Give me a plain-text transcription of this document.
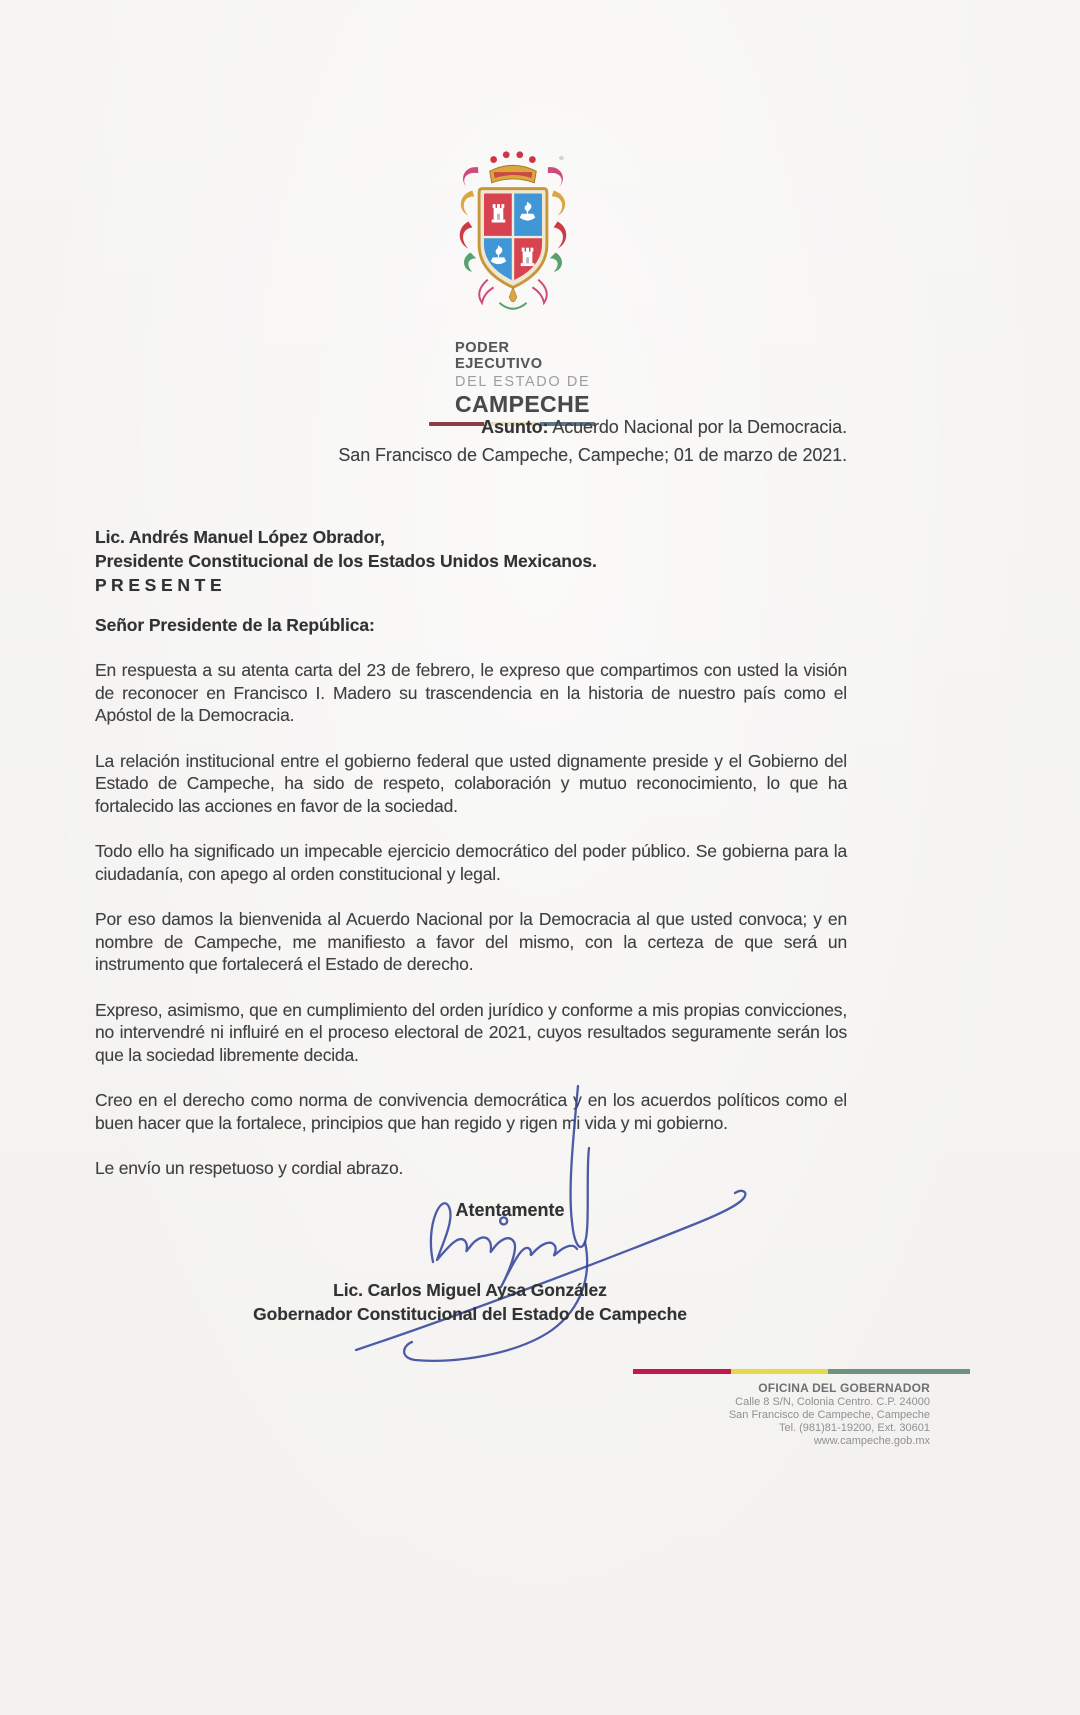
PODER EJECUTIVO
DEL ESTADO DE
CAMPECHE
Asunto: Acuerdo Nacional por la Democracia.
San Francisco de Campeche, Campeche; 01 de marzo de 2021.
Lic. Andrés Manuel López Obrador,
Presidente Constitucional de los Estados Unidos Mexicanos.
P R E S E N T E
Señor Presidente de la República:

En respuesta a su atenta carta del 23 de febrero, le expreso que compartimos con usted la visión de reconocer en Francisco I. Madero su trascendencia en la historia de nuestro país como el Apóstol de la Democracia.

La relación institucional entre el gobierno federal que usted dignamente preside y el Gobierno del Estado de Campeche, ha sido de respeto, colaboración y mutuo reconocimiento, lo que ha fortalecido las acciones en favor de la sociedad.

Todo ello ha significado un impecable ejercicio democrático del poder público. Se gobierna para la ciudadanía, con apego al orden constitucional y legal.

Por eso damos la bienvenida al Acuerdo Nacional por la Democracia al que usted convoca; y en nombre de Campeche, me manifiesto a favor del mismo, con la certeza de que será un instrumento que fortalecerá el Estado de derecho.

Expreso, asimismo, que en cumplimiento del orden jurídico y conforme a mis propias convicciones, no intervendré ni influiré en el proceso electoral de 2021, cuyos resultados seguramente serán los que la sociedad libremente decida.

Creo en el derecho como norma de convivencia democrática y en los acuerdos políticos como el buen hacer que la fortalece, principios que han regido y rigen mi vida y mi gobierno.

Le envío un respetuoso y cordial abrazo.

Atentamente
Lic. Carlos Miguel Aysa González
Gobernador Constitucional del Estado de Campeche
OFICINA DEL GOBERNADOR
Calle 8 S/N, Colonia Centro. C.P. 24000
San Francisco de Campeche, Campeche
Tel. (981)81-19200, Ext. 30601
www.campeche.gob.mx
